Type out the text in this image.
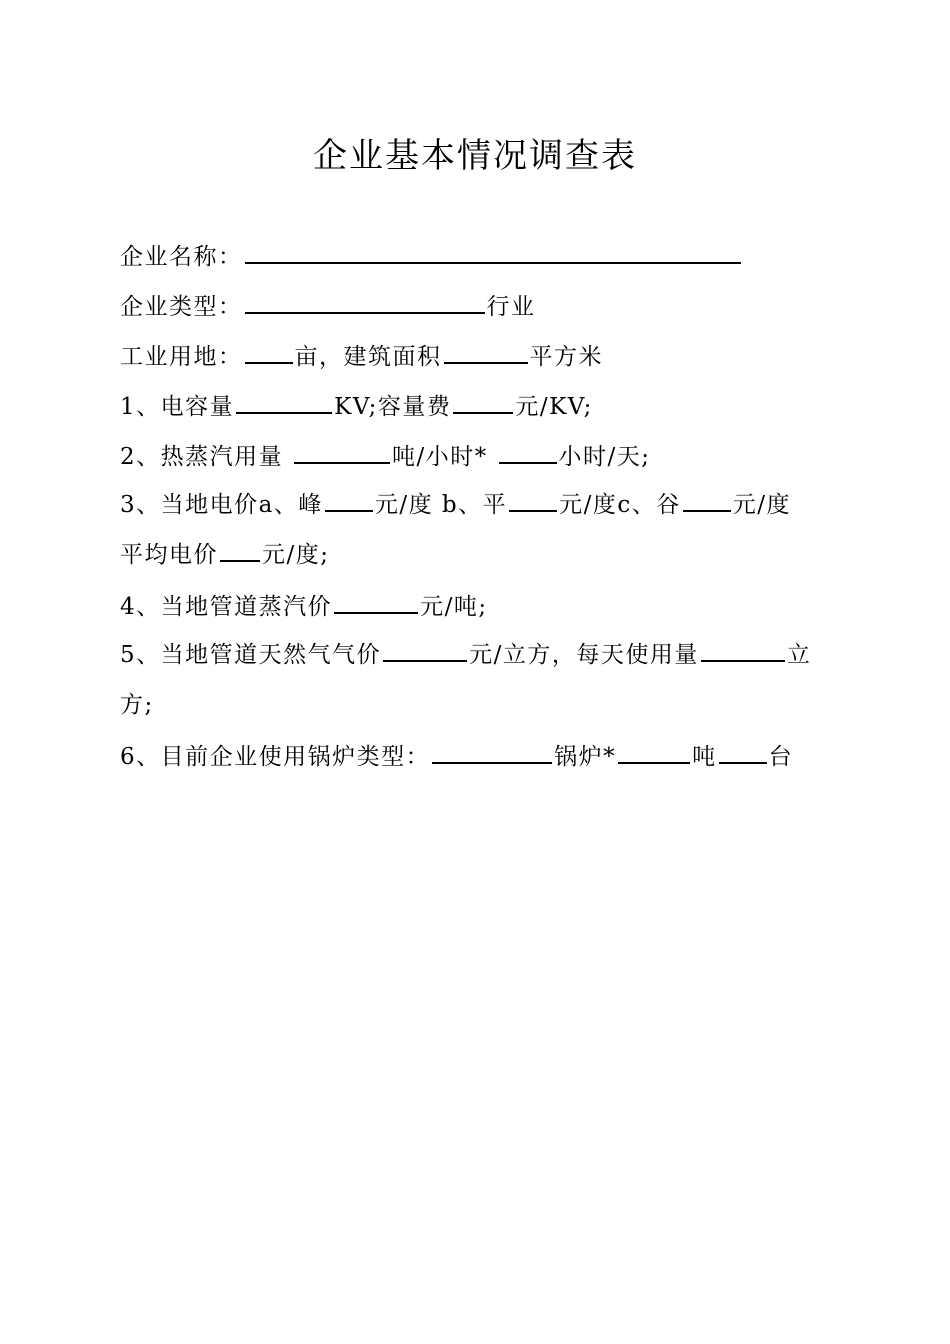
企业基本情况调查表
企业名称：
企业类型：	行业
工业用地： 亩，建筑面积	平方米
1、电容量	KV;容量费	元/KV;
2、热蒸汽用量	吨/小时*	小时/天;
3、当地电价a、峰 元/度 b、平 元/度c、谷 元/度
平均电价 元/度;
4、当地管道蒸汽价	元/吨;
5、当地管道天然气气价	元/立方，每天使用量	立方;
6、目前企业使用锅炉类型：	锅炉*	吨 台
